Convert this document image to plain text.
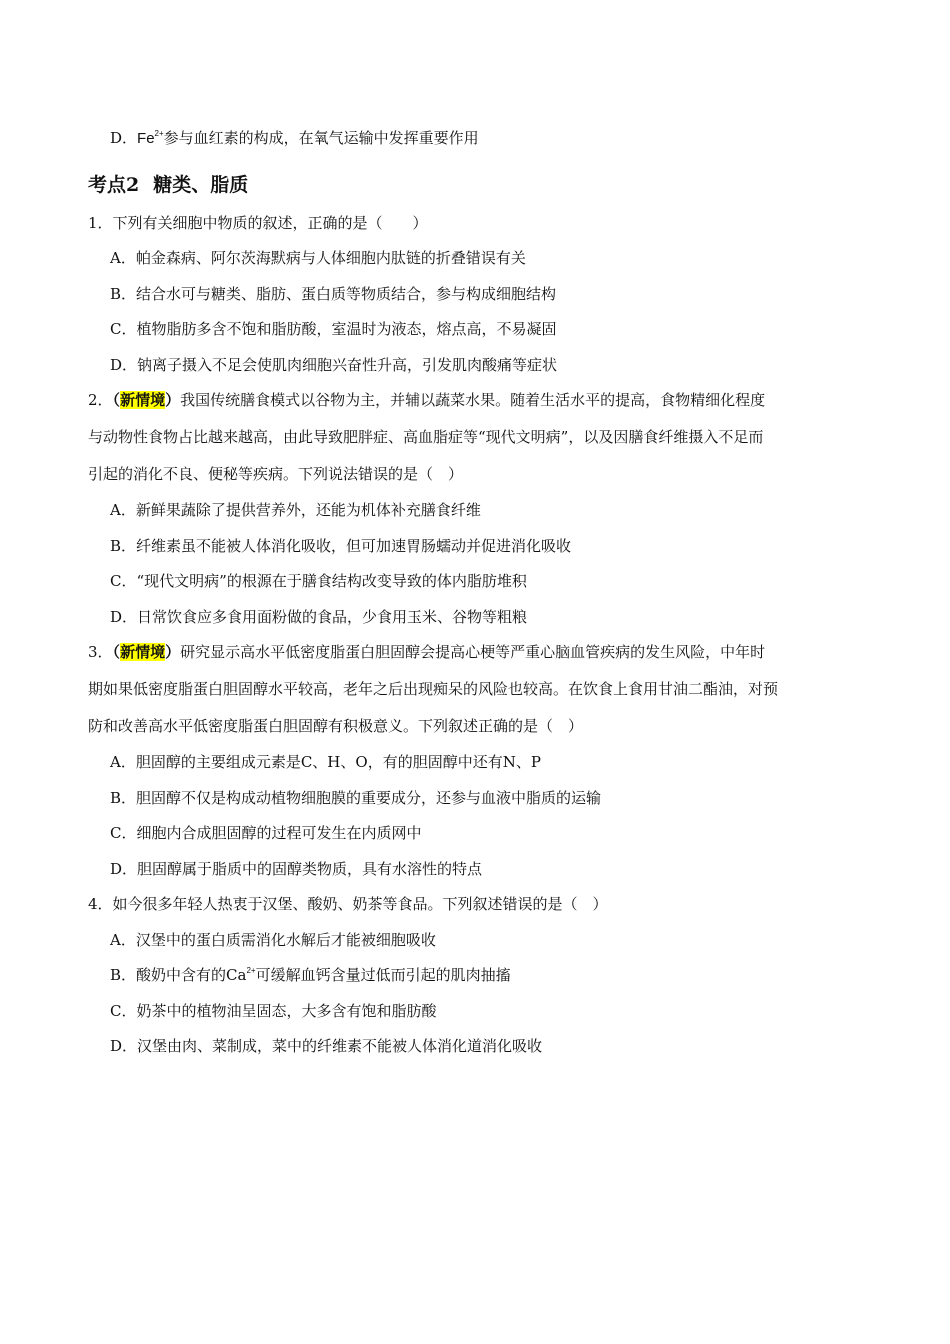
D．$Fe^{2+}$参与血红素的构成，在氧气运输中发挥重要作用
考点2 糖类、脂质
1．下列有关细胞中物质的叙述，正确的是（　　）
A．帕金森病、阿尔茨海默病与人体细胞内肽链的折叠错误有关
B．结合水可与糖类、脂肪、蛋白质等物质结合，参与构成细胞结构
C．植物脂肪多含不饱和脂肪酸，室温时为液态，熔点高，不易凝固
D．钠离子摄入不足会使肌肉细胞兴奋性升高，引发肌肉酸痛等症状
2．（新情境）我国传统膳食模式以谷物为主，并辅以蔬菜水果。随着生活水平的提高，食物精细化程度
与动物性食物占比越来越高，由此导致肥胖症、高血脂症等“现代文明病”，以及因膳食纤维摄入不足而
引起的消化不良、便秘等疾病。下列说法错误的是（　）
A．新鲜果蔬除了提供营养外，还能为机体补充膳食纤维
B．纤维素虽不能被人体消化吸收，但可加速胃肠蠕动并促进消化吸收
C．“现代文明病”的根源在于膳食结构改变导致的体内脂肪堆积
D．日常饮食应多食用面粉做的食品，少食用玉米、谷物等粗粮
3．（新情境）研究显示高水平低密度脂蛋白胆固醇会提高心梗等严重心脑血管疾病的发生风险，中年时
期如果低密度脂蛋白胆固醇水平较高，老年之后出现痴呆的风险也较高。在饮食上食用甘油二酯油，对预
防和改善高水平低密度脂蛋白胆固醇有积极意义。下列叙述正确的是（　）
A．胆固醇的主要组成元素是C、H、O，有的胆固醇中还有N、P
B．胆固醇不仅是构成动植物细胞膜的重要成分，还参与血液中脂质的运输
C．细胞内合成胆固醇的过程可发生在内质网中
D．胆固醇属于脂质中的固醇类物质，具有水溶性的特点
4．如今很多年轻人热衷于汉堡、酸奶、奶茶等食品。下列叙述错误的是（　）
A．汉堡中的蛋白质需消化水解后才能被细胞吸收
B．酸奶中含有的$Ca^{2+}$可缓解血钙含量过低而引起的肌肉抽搐
C．奶茶中的植物油呈固态，大多含有饱和脂肪酸
D．汉堡由肉、菜制成，菜中的纤维素不能被人体消化道消化吸收
